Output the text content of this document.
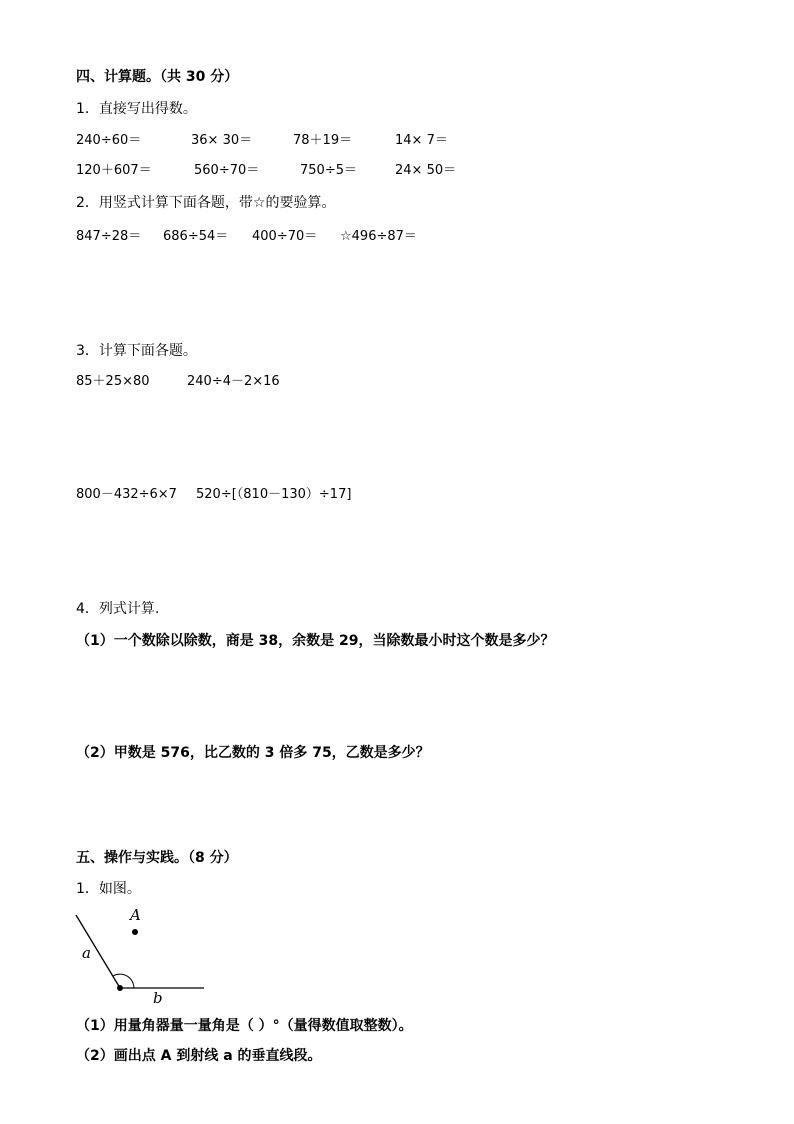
四、计算题。（共 30 分）
1．直接写出得数。
240÷60＝	36× 30＝	78＋19＝	14× 7＝
120＋607＝	560÷70＝	750÷5＝	24× 50＝
2．用竖式计算下面各题，带☆的要验算。
847÷28＝ 686÷54＝ 400÷70＝ ☆496÷87＝
3．计算下面各题。
85＋25×80	240÷4－2×16
800－432÷6×7 520÷[（810－130）÷17]
4．列式计算.
（1）一个数除以除数，商是 38，余数是 29，当除数最小时这个数是多少？
（2）甲数是 576，比乙数的 3 倍多 75，乙数是多少？
五、操作与实践。（8 分）
1．如图。
A
a
b
（1）用量角器量一量角是（ ）°（量得数值取整数）。
（2）画出点 A 到射线 a 的垂直线段。
